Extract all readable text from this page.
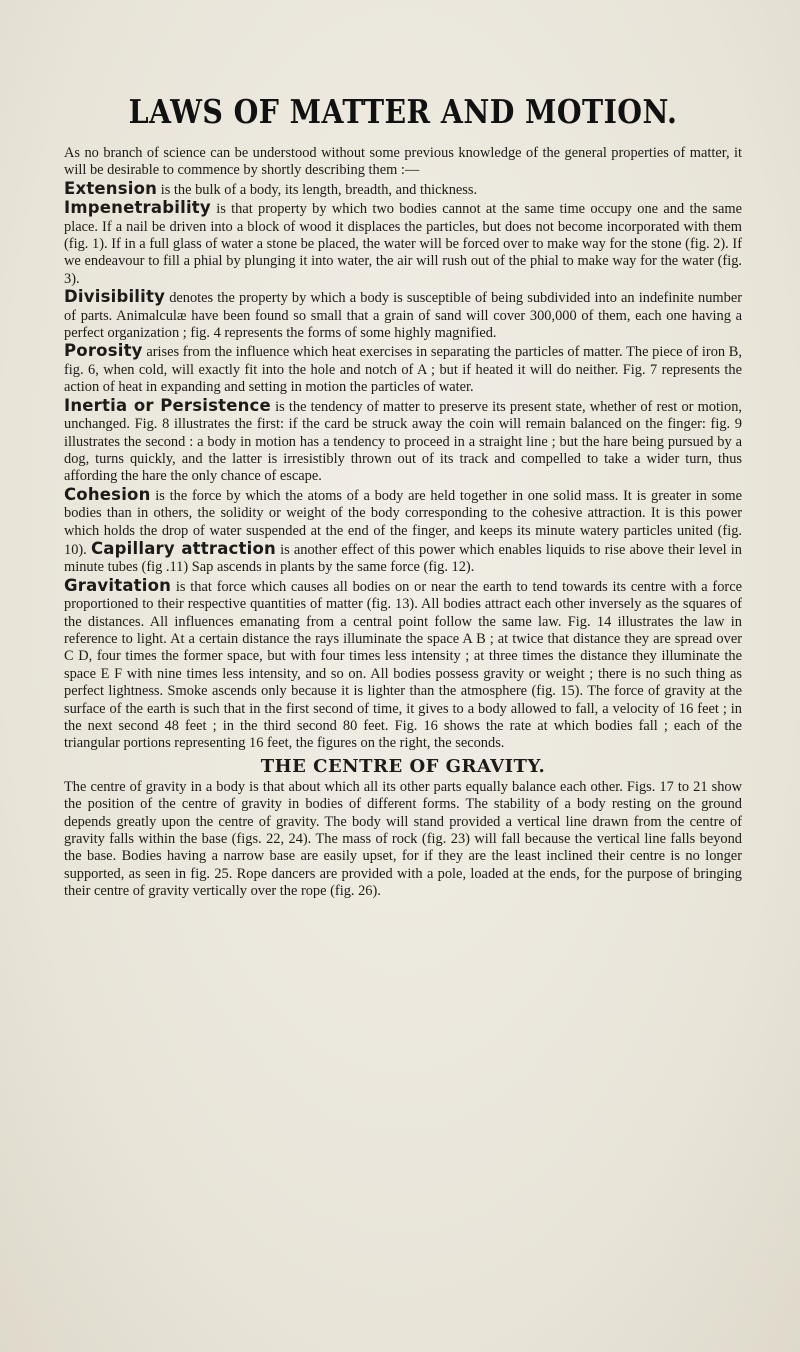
LAWS OF MATTER AND MOTION.

As no branch of science can be understood without some previous knowledge of the general properties of matter, it will be desirable to commence by shortly describing them :—

Extension is the bulk of a body, its length, breadth, and thickness.

Impenetrability is that property by which two bodies cannot at the same time occupy one and the same place. If a nail be driven into a block of wood it displaces the particles, but does not become incorporated with them (fig. 1). If in a full glass of water a stone be placed, the water will be forced over to make way for the stone (fig. 2). If we endeavour to fill a phial by plunging it into water, the air will rush out of the phial to make way for the water (fig. 3).

Divisibility denotes the property by which a body is susceptible of being subdivided into an indefinite number of parts. Animalculæ have been found so small that a grain of sand will cover 300,000 of them, each one having a perfect organization ; fig. 4 represents the forms of some highly magnified.

Porosity arises from the influence which heat exercises in separating the particles of matter. The piece of iron B, fig. 6, when cold, will exactly fit into the hole and notch of A ; but if heated it will do neither. Fig. 7 represents the action of heat in expanding and setting in motion the particles of water.

Inertia or Persistence is the tendency of matter to preserve its present state, whether of rest or motion, unchanged. Fig. 8 illustrates the first: if the card be struck away the coin will remain balanced on the finger: fig. 9 illustrates the second : a body in motion has a tendency to proceed in a straight line ; but the hare being pursued by a dog, turns quickly, and the latter is irresistibly thrown out of its track and compelled to take a wider turn, thus affording the hare the only chance of escape.

Cohesion is the force by which the atoms of a body are held together in one solid mass. It is greater in some bodies than in others, the solidity or weight of the body corresponding to the cohesive attraction. It is this power which holds the drop of water suspended at the end of the finger, and keeps its minute watery particles united (fig. 10). Capillary attraction is another effect of this power which enables liquids to rise above their level in minute tubes (fig .11) Sap ascends in plants by the same force (fig. 12).

Gravitation is that force which causes all bodies on or near the earth to tend towards its centre with a force proportioned to their respective quantities of matter (fig. 13). All bodies attract each other inversely as the squares of the distances. All influences emanating from a central point follow the same law. Fig. 14 illustrates the law in reference to light. At a certain distance the rays illuminate the space A B ; at twice that distance they are spread over C D, four times the former space, but with four times less intensity ; at three times the distance they illuminate the space E F with nine times less intensity, and so on. All bodies possess gravity or weight ; there is no such thing as perfect lightness. Smoke ascends only because it is lighter than the atmosphere (fig. 15). The force of gravity at the surface of the earth is such that in the first second of time, it gives to a body allowed to fall, a velocity of 16 feet ; in the next second 48 feet ; in the third second 80 feet. Fig. 16 shows the rate at which bodies fall ; each of the triangular portions representing 16 feet, the figures on the right, the seconds.

THE CENTRE OF GRAVITY.

The centre of gravity in a body is that about which all its other parts equally balance each other. Figs. 17 to 21 show the position of the centre of gravity in bodies of different forms. The stability of a body resting on the ground depends greatly upon the centre of gravity. The body will stand provided a vertical line drawn from the centre of gravity falls within the base (figs. 22, 24). The mass of rock (fig. 23) will fall because the vertical line falls beyond the base. Bodies having a narrow base are easily upset, for if they are the least inclined their centre is no longer supported, as seen in fig. 25. Rope dancers are provided with a pole, loaded at the ends, for the purpose of bringing their centre of gravity vertically over the rope (fig. 26).
